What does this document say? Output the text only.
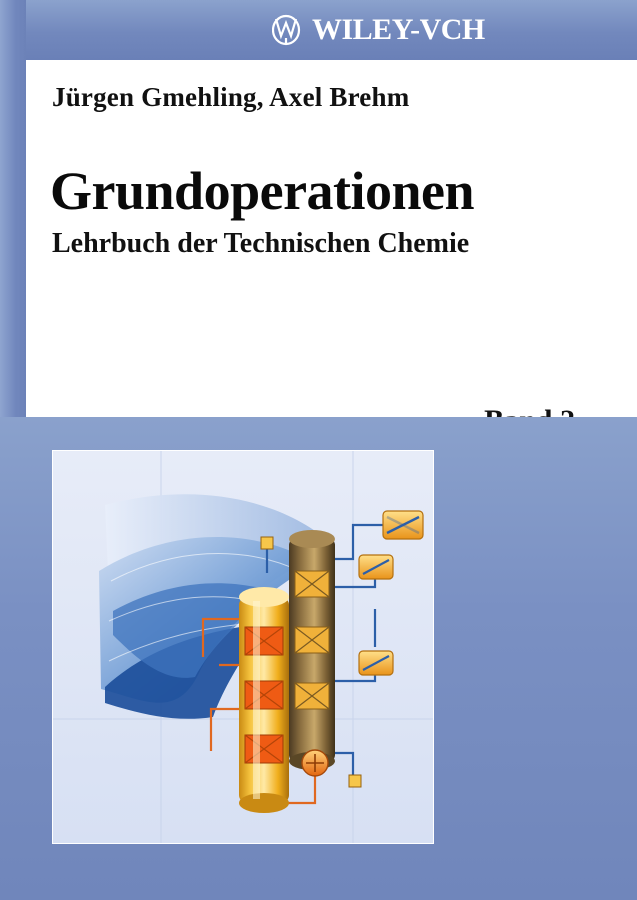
WILEY-VCH
Jürgen Gmehling, Axel Brehm
Grundoperationen
Lehrbuch der Technischen Chemie
